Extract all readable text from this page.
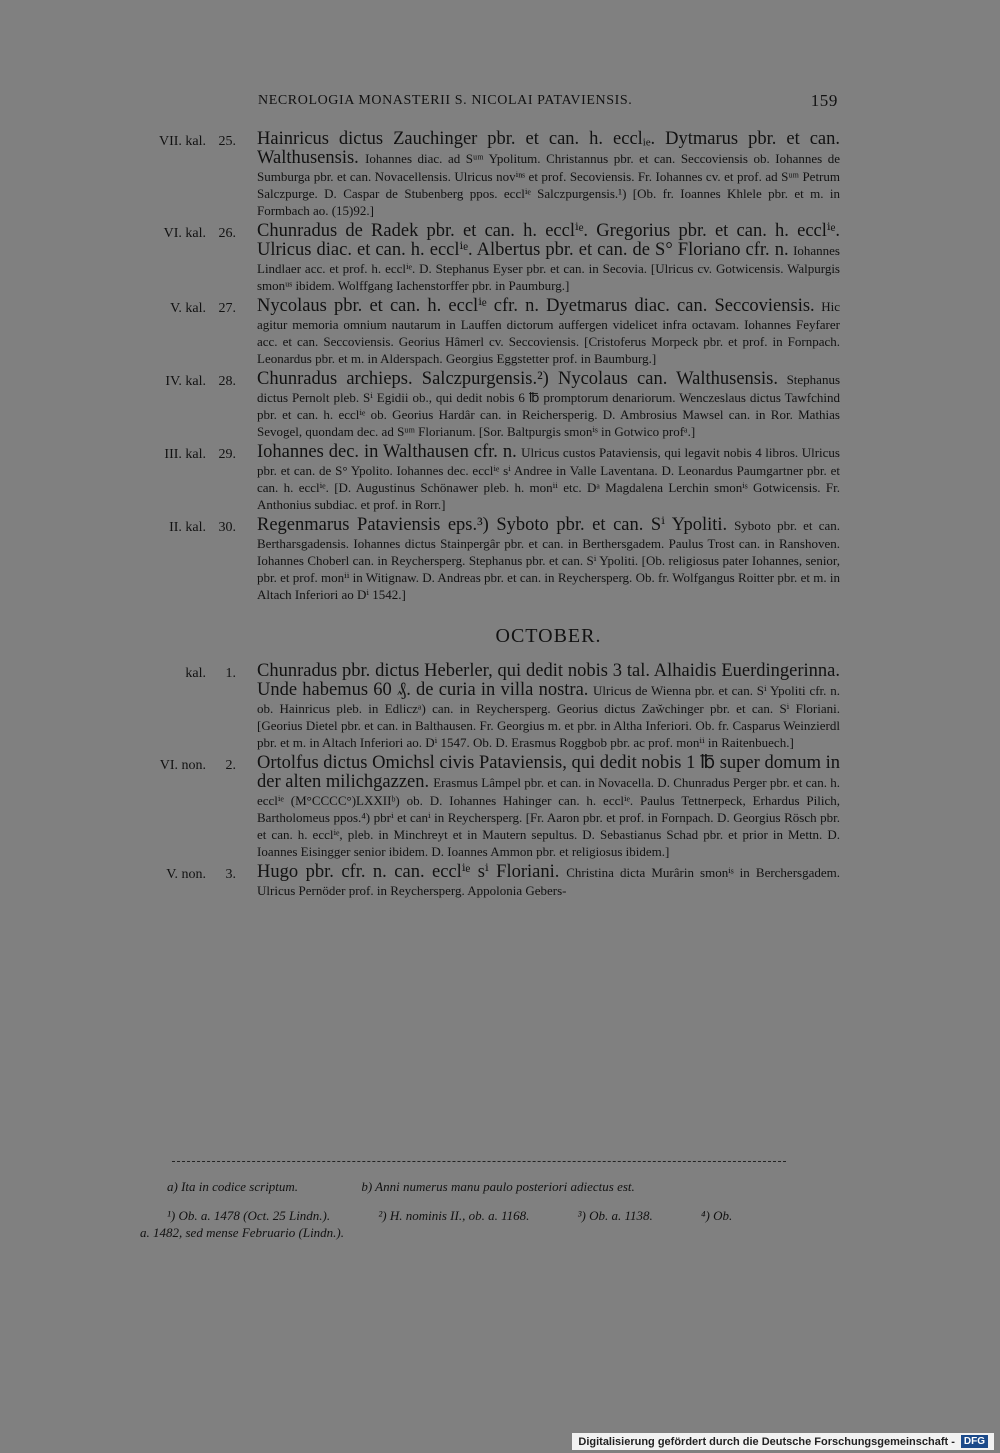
NECROLOGIA MONASTERII S. NICOLAI PATAVIENSIS.	159
VII. kal. 25. Hainricus dictus Zauchinger pbr. et can. h. ecclᵢₑ. Dytmarus pbr. et can. Walthusensis. Iohannes diac. ad Sᵘᵐ Ypolitum. Christannus pbr. et can. Seccoviensis ob. Iohannes de Sumburga pbr. et can. Novacellensis. Ulricus novⁱⁿˢ et prof. Secoviensis. Fr. Iohannes cv. et prof. ad Sᵘᵐ Petrum Salczpurge. D. Caspar de Stubenberg ppos. ecclⁱᵉ Salczpurgensis.¹) [Ob. fr. Ioannes Khlele pbr. et m. in Formbach ao. (15)92.]
VI. kal. 26. Chunradus de Radek pbr. et can. h. ecclⁱᵉ. Gregorius pbr. et can. h. ecclⁱᵉ. Ulricus diac. et can. h. ecclⁱᵉ. Albertus pbr. et can. de S° Floriano cfr. n. Iohannes Lindlaer acc. et prof. h. ecclⁱᵉ. D. Stephanus Eyser pbr. et can. in Secovia. [Ulricus cv. Gotwicensis. Walpurgis smonᵘˢ ibidem. Wolffgang Iachenstorffer pbr. in Paumburg.]
V. kal. 27. Nycolaus pbr. et can. h. ecclⁱᵉ cfr. n. Dyetmarus diac. can. Seccoviensis. Hic agitur memoria omnium nautarum in Lauffen dictorum auffergen videlicet infra octavam. Iohannes Feyfarer acc. et can. Seccoviensis. Georius Hâmerl cv. Seccoviensis. [Cristoferus Morpeck pbr. et prof. in Fornpach. Leonardus pbr. et m. in Alderspach. Georgius Eggstetter prof. in Baumburg.]
IV. kal. 28. Chunradus archieps. Salczpurgensis.²) Nycolaus can. Walthusensis. Stephanus dictus Pernolt pleb. Sⁱ Egidii ob., qui dedit nobis 6 ℔ promptorum denariorum. Wenczeslaus dictus Tawfchind pbr. et can. h. ecclⁱᵉ ob. Georius Hardâr can. in Reichersperig. D. Ambrosius Mawsel can. in Ror. Mathias Sevogel, quondam dec. ad Sᵘᵐ Florianum. [Sor. Baltpurgis smonⁱˢ in Gotwico profᵃ.]
III. kal. 29. Iohannes dec. in Walthausen cfr. n. Ulricus custos Pataviensis, qui legavit nobis 4 libros. Ulricus pbr. et can. de S° Ypolito. Iohannes dec. ecclⁱᵉ sⁱ Andree in Valle Laventana. D. Leonardus Paumgartner pbr. et can. h. ecclⁱᵉ. [D. Augustinus Schönawer pleb. h. monⁱⁱ etc. Dᵃ Magdalena Lerchin smonⁱˢ Gotwicensis. Fr. Anthonius subdiac. et prof. in Rorr.]
II. kal. 30. Regenmarus Pataviensis eps.³) Syboto pbr. et can. Sⁱ Ypoliti. Syboto pbr. et can. Bertharsgadensis. Iohannes dictus Stainpergâr pbr. et can. in Berthersgadem. Paulus Trost can. in Ranshoven. Iohannes Choberl can. in Reychersperg. Stephanus pbr. et can. Sⁱ Ypoliti. [Ob. religiosus pater Iohannes, senior, pbr. et prof. monⁱⁱ in Witignaw. D. Andreas pbr. et can. in Reychersperg. Ob. fr. Wolfgangus Roitter pbr. et m. in Altach Inferiori ao Dⁱ 1542.]
OCTOBER.
kal.	1. Chunradus pbr. dictus Heberler, qui dedit nobis 3 tal. Alhaidis Euerdingerinna. Unde habemus 60 ₰. de curia in villa nostra. Ulricus de Wienna pbr. et can. Sⁱ Ypoliti cfr. n. ob. Hainricus pleb. in Edliczᵃ) can. in Reychersperg. Georius dictus Zaw̆chinger pbr. et can. Sⁱ Floriani. [Georius Dietel pbr. et can. in Balthausen. Fr. Georgius m. et pbr. in Altha Inferiori. Ob. fr. Casparus Weinzierdl pbr. et m. in Altach Inferiori ao. Dⁱ 1547. Ob. D. Erasmus Roggbob pbr. ac prof. monⁱⁱ in Raitenbuech.]
VI. non.	2. Ortolfus dictus Omichsl civis Pataviensis, qui dedit nobis 1 ℔ super domum in der alten milichgazzen. Erasmus Lâmpel pbr. et can. in Novacella. D. Chunradus Perger pbr. et can. h. ecclⁱᵉ (M°CCCC°)LXXIIᵇ) ob. D. Iohannes Hahinger can. h. ecclⁱᵉ. Paulus Tettnerpeck, Erhardus Pilich, Bartholomeus ppos.⁴) pbrⁱ et canⁱ in Reychersperg. [Fr. Aaron pbr. et prof. in Fornpach. D. Georgius Rösch pbr. et can. h. ecclⁱᵉ, pleb. in Minchreyt et in Mautern sepultus. D. Sebastianus Schad pbr. et prior in Mettn. D. Ioannes Eisingger senior ibidem. D. Ioannes Ammon pbr. et religiosus ibidem.]
V. non.	3. Hugo pbr. cfr. n. can. ecclⁱᵉ sⁱ Floriani. Christina dicta Murârin smonⁱˢ in Berchersgadem. Ulricus Pernöder prof. in Reychersperg. Appolonia Gebers-
a) Ita in codice scriptum.	b) Anni numerus manu paulo posteriori adiectus est.
¹) Ob. a. 1478 (Oct. 25 Lindn.).	²) H. nominis II., ob. a. 1168.	³) Ob. a. 1138.	⁴) Ob.
a. 1482, sed mense Februario (Lindn.).
Digitalisierung gefördert durch die Deutsche Forschungsgemeinschaft - DFG
